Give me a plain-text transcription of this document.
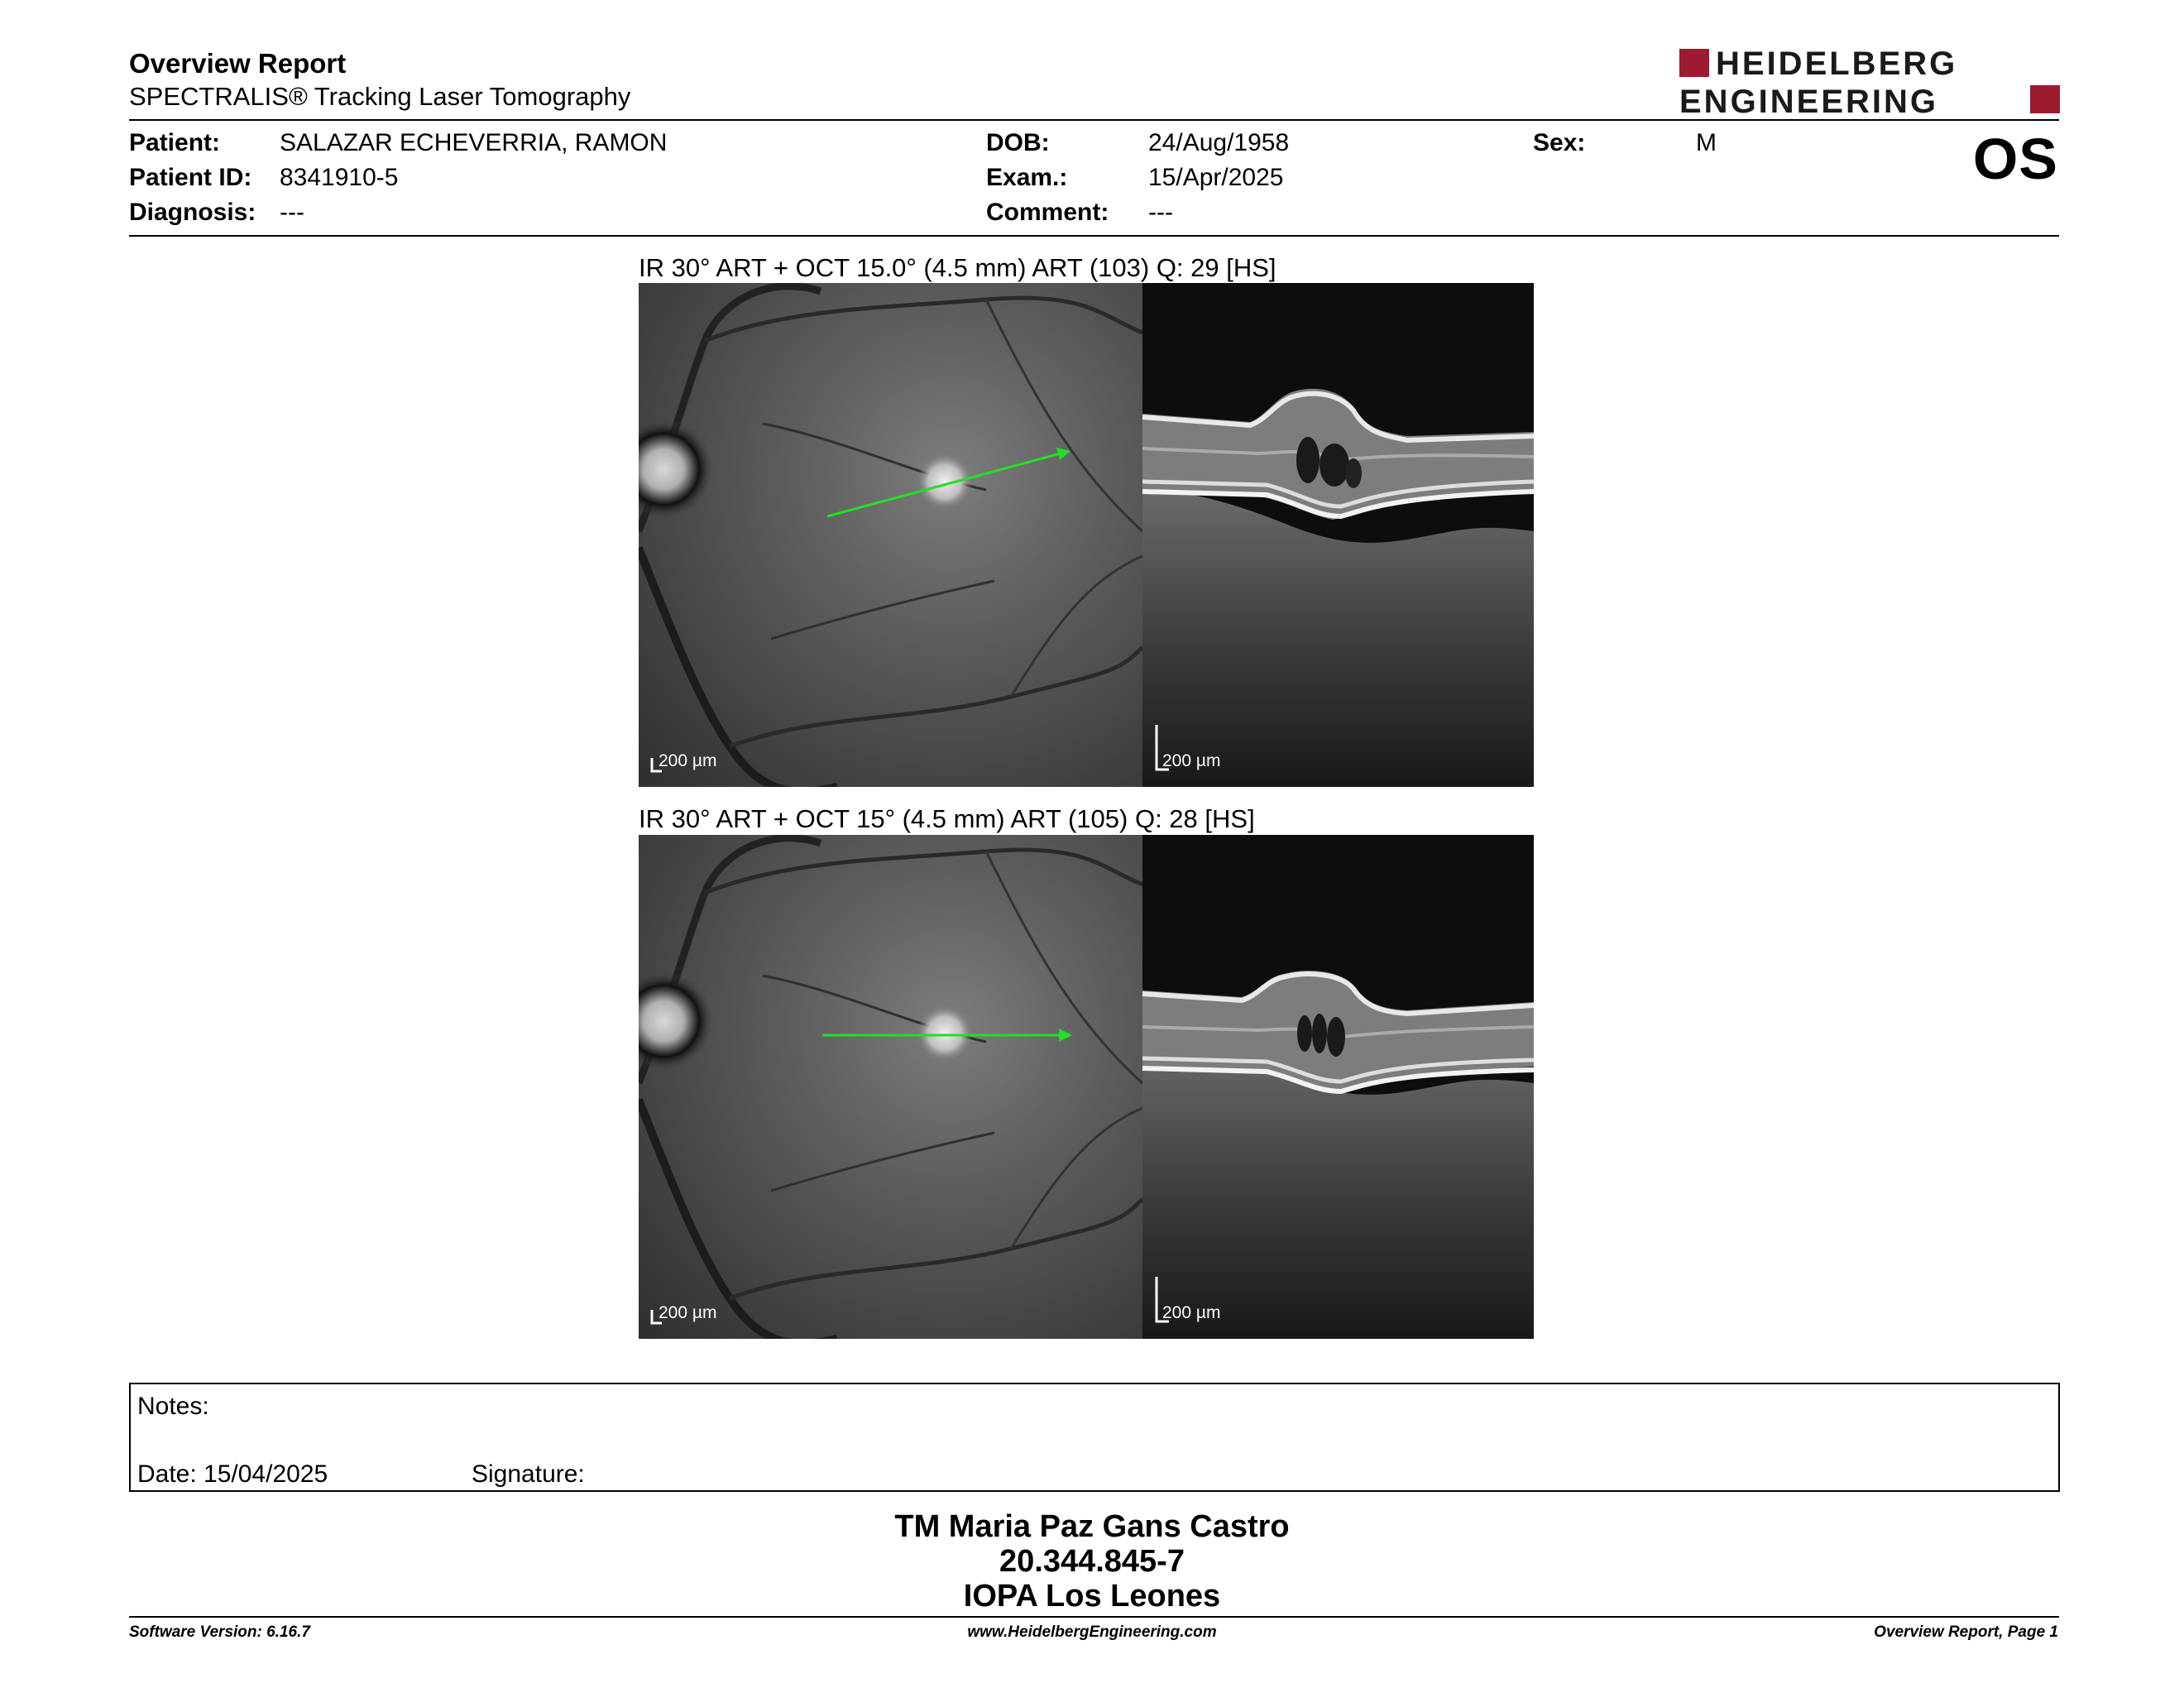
Overview Report
SPECTRALIS® Tracking Laser Tomography
HEIDELBERG
ENGINEERING
Patient: SALAZAR ECHEVERRIA, RAMON
Patient ID: 8341910-5
Diagnosis: ---
DOB:	24/Aug/1958
Exam.:	15/Apr/2025
Comment: ---
Sex:	M	OS
IR 30° ART + OCT 15.0° (4.5 mm) ART (103) Q: 29 [HS]
200 µm	200 µm
IR 30° ART + OCT 15° (4.5 mm) ART (105) Q: 28 [HS]
200 µm	200 µm
Notes:
Date: 15/04/2025	Signature:
TM Maria Paz Gans Castro
20.344.845-7
IOPA Los Leones
Software Version: 6.16.7	www.HeidelbergEngineering.com	Overview Report, Page 1
